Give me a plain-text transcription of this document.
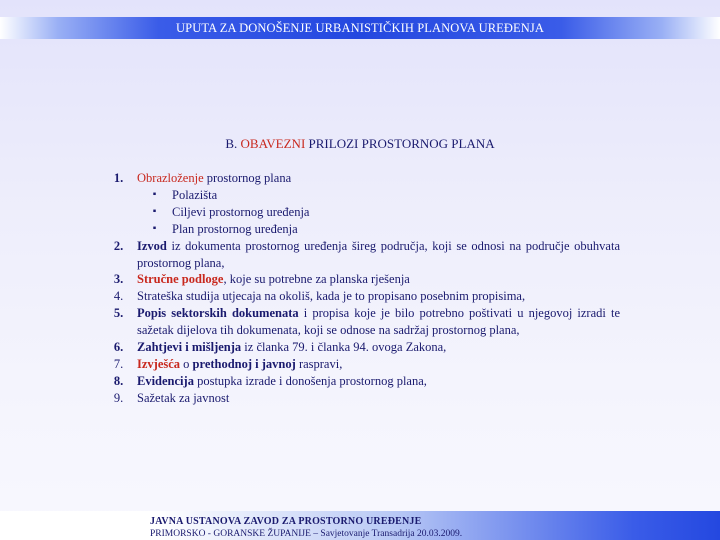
UPUTA ZA DONOŠENJE URBANISTIČKIH PLANOVA UREĐENJA
B. OBAVEZNI PRILOZI PROSTORNOG PLANA
1.	Obrazloženje prostornog plana
▪	Polazišta
▪	Ciljevi prostornog uređenja
▪	Plan prostornog uređenja
2.	Izvod iz dokumenta prostornog uređenja šireg područja, koji se odnosi na područje obuhvata prostornog plana,
3.	Stručne podloge, koje su potrebne za planska rješenja
4.	Strateška studija utjecaja na okoliš, kada je to propisano posebnim propisima,
5.	Popis sektorskih dokumenata i propisa koje je bilo potrebno poštivati u njegovoj izradi te sažetak dijelova tih dokumenata, koji se odnose na sadržaj prostornog plana,
6.	Zahtjevi i mišljenja iz članka 79. i članka 94. ovoga Zakona,
7.	Izvješća o prethodnoj i javnoj raspravi,
8.	Evidencija postupka izrade i donošenja prostornog plana,
9.	Sažetak za javnost
JAVNA USTANOVA ZAVOD ZA PROSTORNO UREĐENJE
PRIMORSKO - GORANSKE ŽUPANIJE – Savjetovanje Transadrija 20.03.2009.
